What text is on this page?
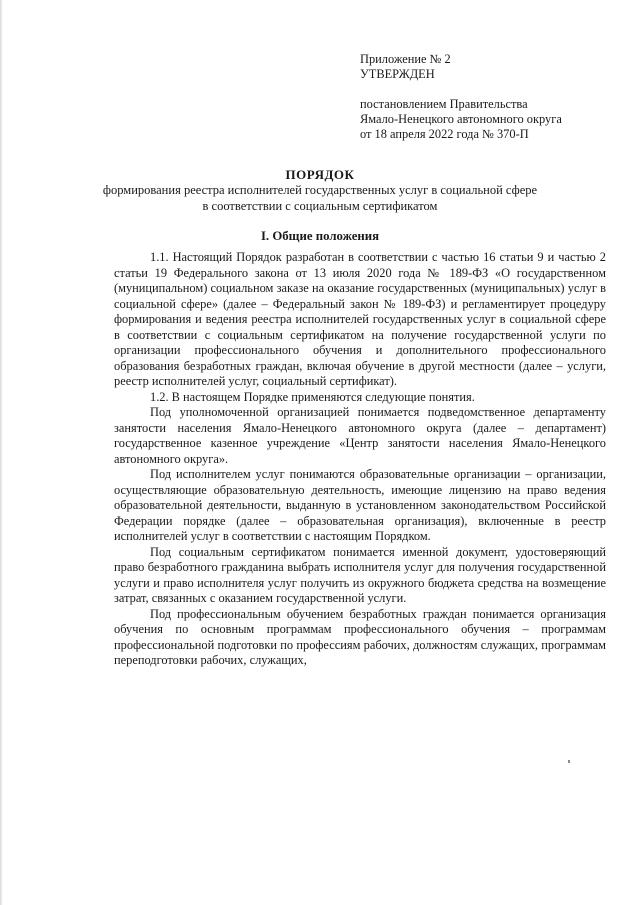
Приложение № 2
УТВЕРЖДЕН
постановлением Правительства
Ямало-Ненецкого автономного округа
от 18 апреля 2022 года № 370-П
ПОРЯДОК
формирования реестра исполнителей государственных услуг в социальной сфере в соответствии с социальным сертификатом
I. Общие положения

1.1. Настоящий Порядок разработан в соответствии с частью 16 статьи 9 и частью 2 статьи 19 Федерального закона от 13 июля 2020 года № 189-ФЗ «О государственном (муниципальном) социальном заказе на оказание государственных (муниципальных) услуг в социальной сфере» (далее – Федеральный закон № 189-ФЗ) и регламентирует процедуру формирования и ведения реестра исполнителей государственных услуг в социальной сфере в соответствии с социальным сертификатом на получение государственной услуги по организации профессионального обучения и дополнительного профессионального образования безработных граждан, включая обучение в другой местности (далее – услуги, реестр исполнителей услуг, социальный сертификат).

1.2. В настоящем Порядке применяются следующие понятия.

Под уполномоченной организацией понимается подведомственное департаменту занятости населения Ямало-Ненецкого автономного округа (далее – департамент) государственное казенное учреждение «Центр занятости населения Ямало-Ненецкого автономного округа».

Под исполнителем услуг понимаются образовательные организации – организации, осуществляющие образовательную деятельность, имеющие лицензию на право ведения образовательной деятельности, выданную в установленном законодательством Российской Федерации порядке (далее – образовательная организация), включенные в реестр исполнителей услуг в соответствии с настоящим Порядком.

Под социальным сертификатом понимается именной документ, удостоверяющий право безработного гражданина выбрать исполнителя услуг для получения государственной услуги и право исполнителя услуг получить из окружного бюджета средства на возмещение затрат, связанных с оказанием государственной услуги.

Под профессиональным обучением безработных граждан понимается организация обучения по основным программам профессионального обучения – программам профессиональной подготовки по профессиям рабочих, должностям служащих, программам переподготовки рабочих, служащих,
